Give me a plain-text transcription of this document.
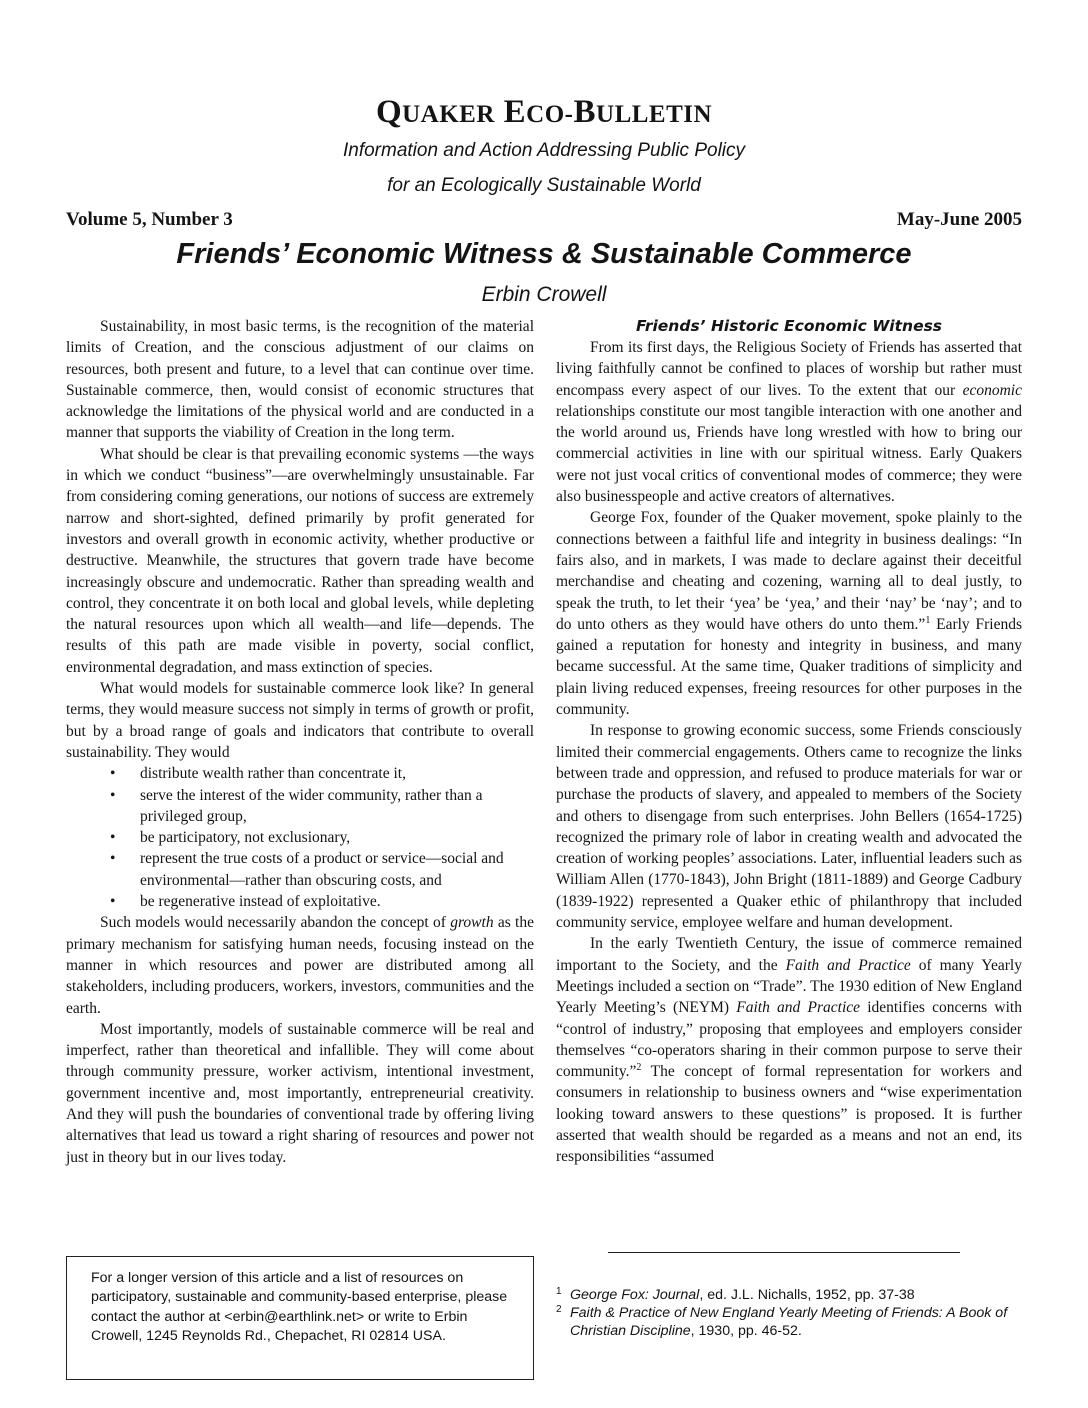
QUAKER ECO-BULLETIN
Information and Action Addressing Public Policy
for an Ecologically Sustainable World
Volume 5, Number 3	May-June 2005
Friends’ Economic Witness & Sustainable Commerce
Erbin Crowell

Sustainability, in most basic terms, is the recognition of the material limits of Creation, and the conscious adjustment of our claims on resources, both present and future, to a level that can continue over time. Sustainable commerce, then, would consist of economic structures that acknowledge the limitations of the physical world and are conducted in a manner that supports the viability of Creation in the long term.

What should be clear is that prevailing economic systems —the ways in which we conduct “business”—are overwhelmingly unsustainable. Far from considering coming generations, our notions of success are extremely narrow and short-sighted, defined primarily by profit generated for investors and overall growth in economic activity, whether productive or destructive. Meanwhile, the structures that govern trade have become increasingly obscure and undemocratic. Rather than spreading wealth and control, they concentrate it on both local and global levels, while depleting the natural resources upon which all wealth—and life—depends. The results of this path are made visible in poverty, social conflict, environmental degradation, and mass extinction of species.

What would models for sustainable commerce look like? In general terms, they would measure success not simply in terms of growth or profit, but by a broad range of goals and indicators that contribute to overall sustainability. They would

• distribute wealth rather than concentrate it,
• serve the interest of the wider community, rather than a privileged group,
• be participatory, not exclusionary,
• represent the true costs of a product or service—social and environmental—rather than obscuring costs, and
• be regenerative instead of exploitative.

Such models would necessarily abandon the concept of growth as the primary mechanism for satisfying human needs, focusing instead on the manner in which resources and power are distributed among all stakeholders, including producers, workers, investors, communities and the earth.

Most importantly, models of sustainable commerce will be real and imperfect, rather than theoretical and infallible. They will come about through community pressure, worker activism, intentional investment, government incentive and, most importantly, entrepreneurial creativity. And they will push the boundaries of conventional trade by offering living alternatives that lead us toward a right sharing of resources and power not just in theory but in our lives today.

Friends’ Historic Economic Witness

From its first days, the Religious Society of Friends has asserted that living faithfully cannot be confined to places of worship but rather must encompass every aspect of our lives. To the extent that our economic relationships constitute our most tangible interaction with one another and the world around us, Friends have long wrestled with how to bring our commercial activities in line with our spiritual witness. Early Quakers were not just vocal critics of conventional modes of commerce; they were also businesspeople and active creators of alternatives.

George Fox, founder of the Quaker movement, spoke plainly to the connections between a faithful life and integrity in business dealings: “In fairs also, and in markets, I was made to declare against their deceitful merchandise and cheating and cozening, warning all to deal justly, to speak the truth, to let their ‘yea’ be ‘yea,’ and their ‘nay’ be ‘nay’; and to do unto others as they would have others do unto them.”$^1$ Early Friends gained a reputation for honesty and integrity in business, and many became successful. At the same time, Quaker traditions of simplicity and plain living reduced expenses, freeing resources for other purposes in the community.

In response to growing economic success, some Friends consciously limited their commercial engagements. Others came to recognize the links between trade and oppression, and refused to produce materials for war or purchase the products of slavery, and appealed to members of the Society and others to disengage from such enterprises. John Bellers (1654-1725) recognized the primary role of labor in creating wealth and advocated the creation of working peoples’ associations. Later, influential leaders such as William Allen (1770-1843), John Bright (1811-1889) and George Cadbury (1839-1922) represented a Quaker ethic of philanthropy that included community service, employee welfare and human development.

In the early Twentieth Century, the issue of commerce remained important to the Society, and the Faith and Practice of many Yearly Meetings included a section on “Trade”. The 1930 edition of New England Yearly Meeting’s (NEYM) Faith and Practice identifies concerns with “control of industry,” proposing that employees and employers consider themselves “co-operators sharing in their common purpose to serve their community.”$^2$ The concept of formal representation for workers and consumers in relationship to business owners and “wise experimentation looking toward answers to these questions” is proposed. It is further asserted that wealth should be regarded as a means and not an end, its responsibilities “assumed

For a longer version of this article and a list of resources on participatory, sustainable and community-based enterprise, please contact the author at <erbin@earthlink.net> or write to Erbin Crowell, 1245 Reynolds Rd., Chepachet, RI 02814 USA.

1 George Fox: Journal, ed. J.L. Nichalls, 1952, pp. 37-38

2 Faith & Practice of New England Yearly Meeting of Friends: A Book of Christian Discipline, 1930, pp. 46-52.
